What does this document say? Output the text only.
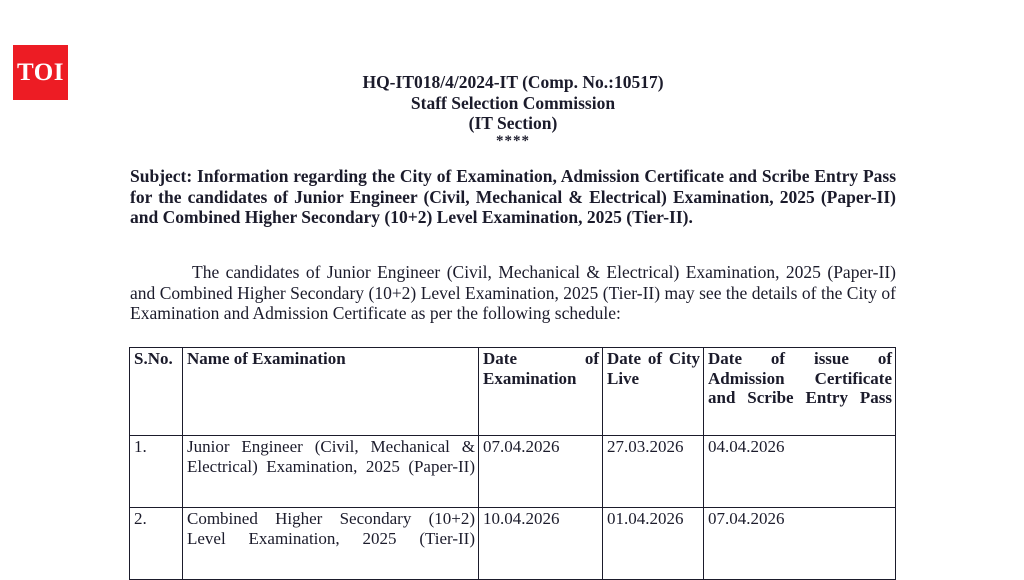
TOI	HQ-IT018/4/2024-IT (Comp. No.:10517)
Staff Selection Commission
(IT Section)
****
Subject: Information regarding the City of Examination, Admission Certificate and Scribe Entry Pass for the candidates of Junior Engineer (Civil, Mechanical & Electrical) Examination, 2025 (Paper-II) and Combined Higher Secondary (10+2) Level Examination, 2025 (Tier-II).
The candidates of Junior Engineer (Civil, Mechanical & Electrical) Examination, 2025 (Paper-II) and Combined Higher Secondary (10+2) Level Examination, 2025 (Tier-II) may see the details of the City of Examination and Admission Certificate as per the following schedule:
S.No.	Name of Examination	Date of Examination	Date of City Live	Date of issue of Admission Certificate and Scribe Entry Pass
1.	Junior Engineer (Civil, Mechanical & Electrical) Examination, 2025 (Paper-II)	07.04.2026	27.03.2026	04.04.2026
2.	Combined Higher Secondary (10+2) Level Examination, 2025 (Tier-II)	10.04.2026	01.04.2026	07.04.2026
